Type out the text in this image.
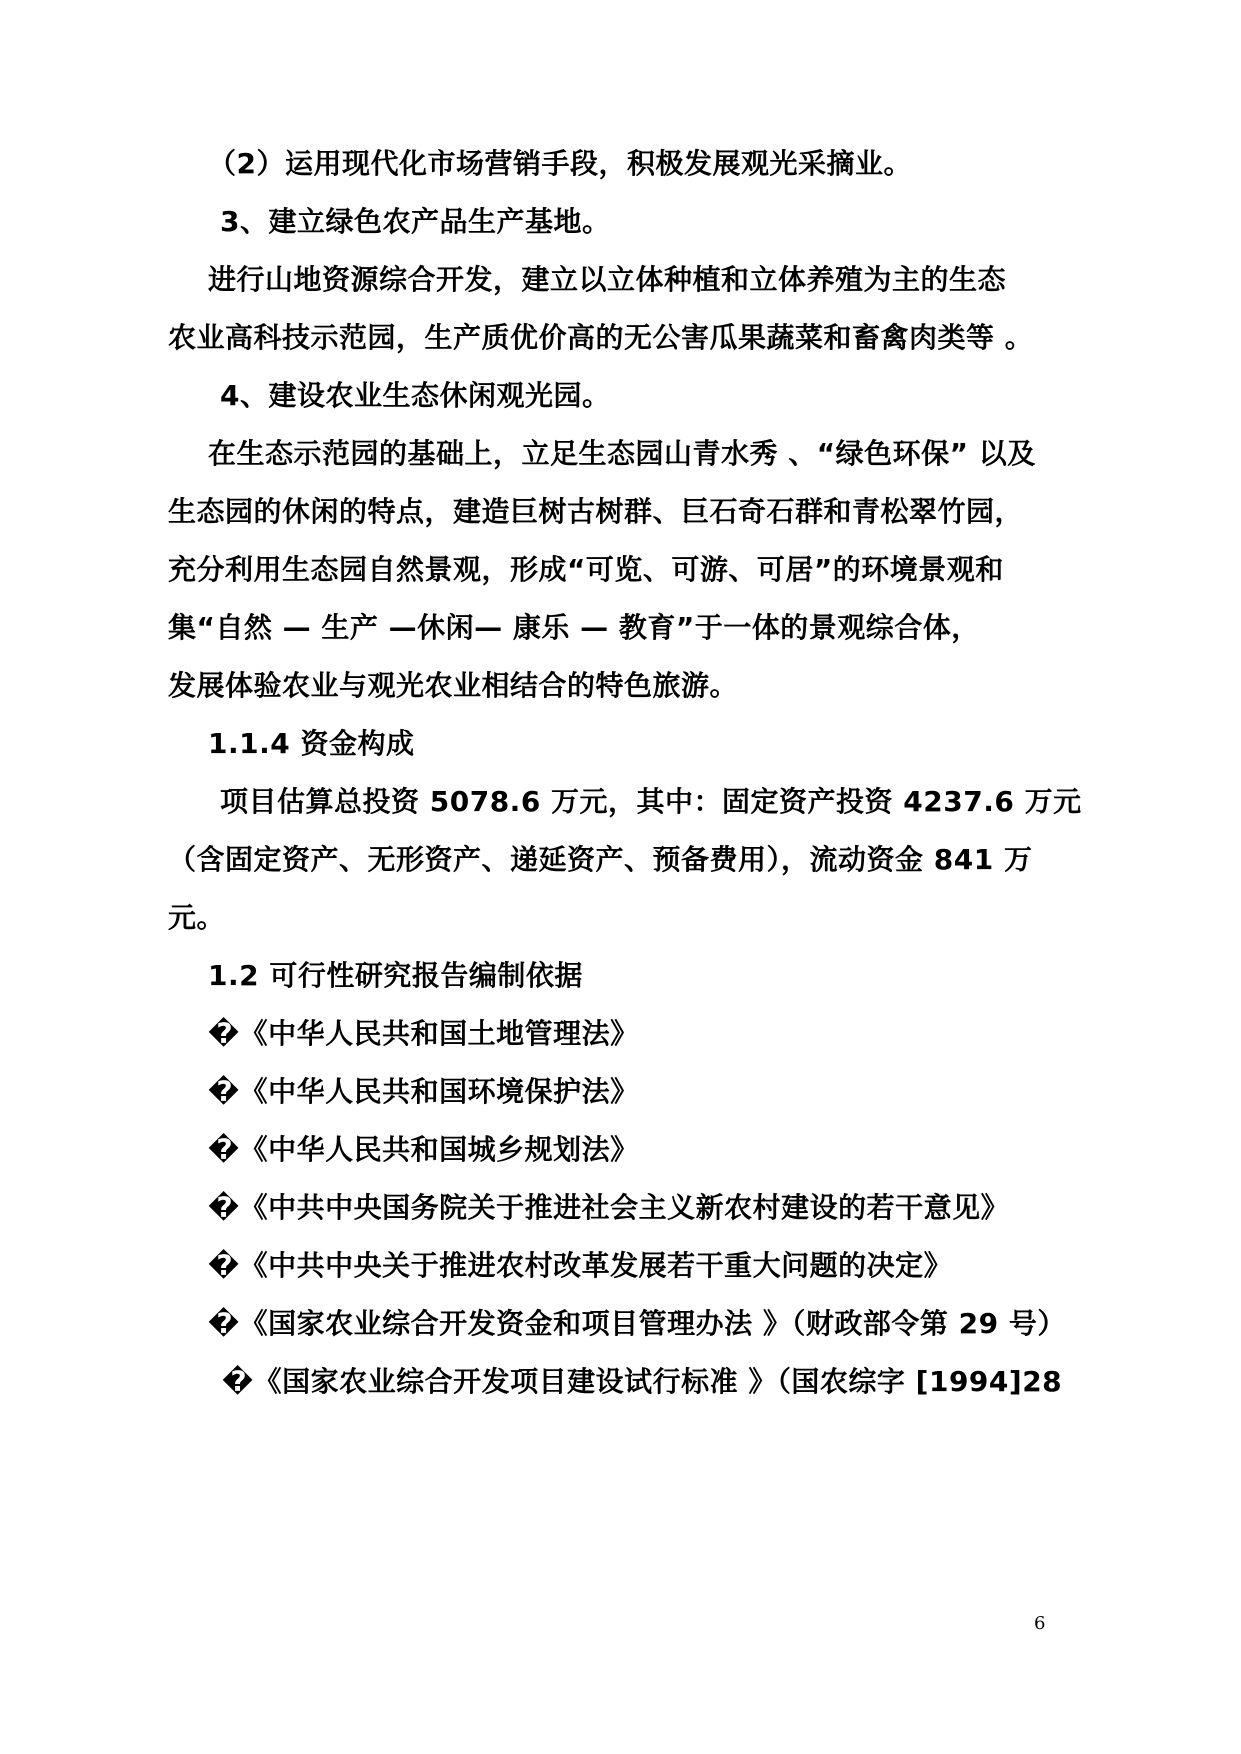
（2）运用现代化市场营销手段，积极发展观光采摘业。
3、建立绿色农产品生产基地。
进行山地资源综合开发，建立以立体种植和立体养殖为主的生态
农业高科技示范园，生产质优价高的无公害瓜果蔬菜和畜禽肉类等 。
4、建设农业生态休闲观光园。
在生态示范园的基础上，立足生态园山青水秀 、“绿色环保” 以及
生态园的休闲的特点，建造巨树古树群、巨石奇石群和青松翠竹园，
充分利用生态园自然景观，形成“可览、可游、可居”的环境景观和
集“自然 — 生产 —休闲— 康乐 — 教育”于一体的景观综合体，
发展体验农业与观光农业相结合的特色旅游。
1.1.4 资金构成
项目估算总投资 5078.6 万元，其中：固定资产投资 4237.6 万元
（含固定资产、无形资产、递延资产、预备费用），流动资金 841 万
元。
1.2 可行性研究报告编制依据
�《中华人民共和国土地管理法》
�《中华人民共和国环境保护法》
�《中华人民共和国城乡规划法》
�《中共中央国务院关于推进社会主义新农村建设的若干意见》
�《中共中央关于推进农村改革发展若干重大问题的决定》
�《国家农业综合开发资金和项目管理办法 》（财政部令第 29 号）
�《国家农业综合开发项目建设试行标准 》（国农综字 [1994]28
6
